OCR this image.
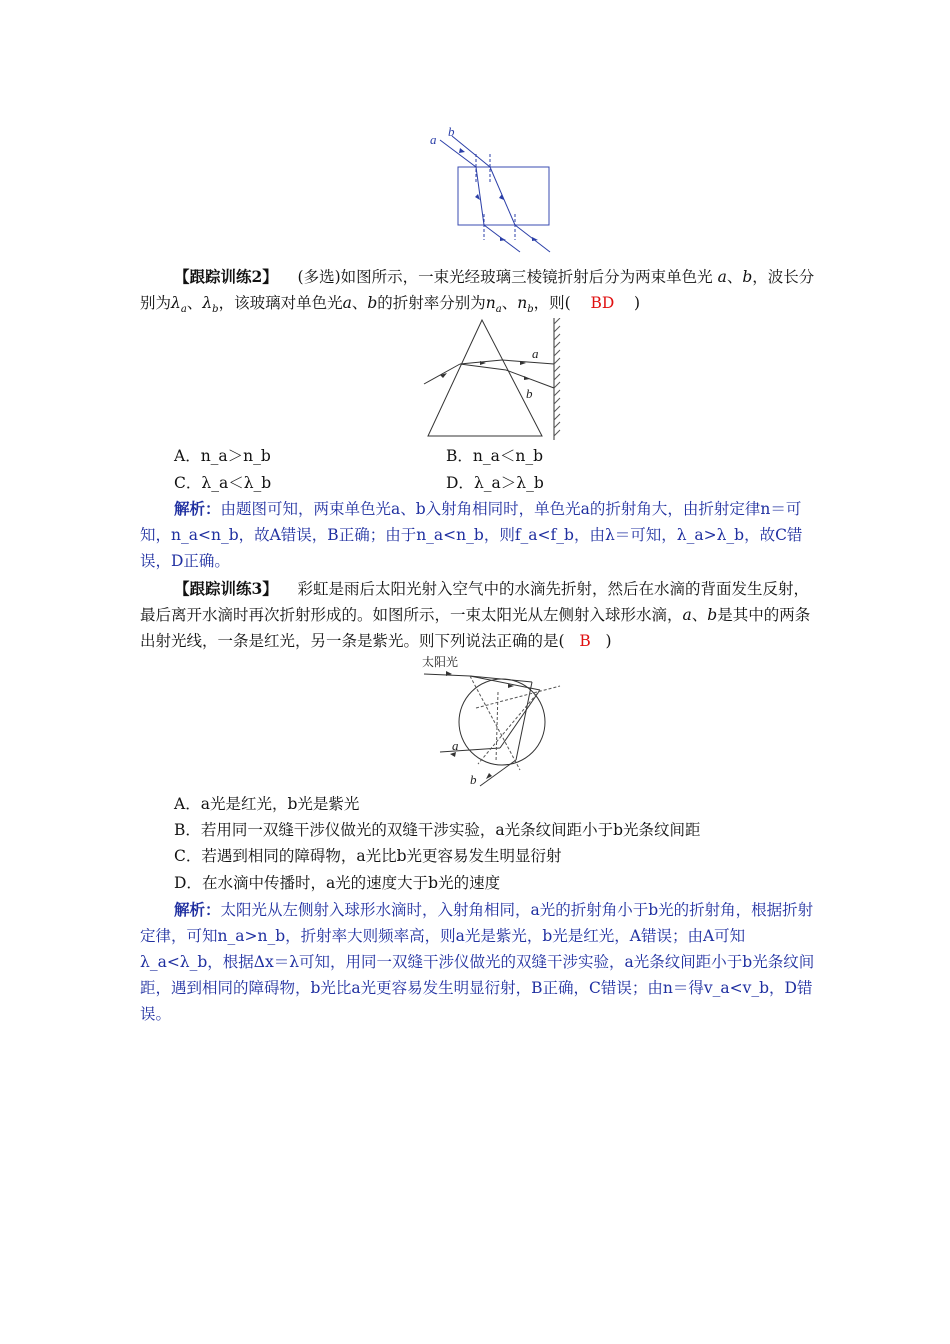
a
b

【跟踪训练2】 (多选)如图所示，一束光经玻璃三棱镜折射后分为两束单色光 a、b，波长分别为$\lambda_a$、$\lambda_b$，该玻璃对单色光a、b的折射率分别为$n_a$、$n_b$，则( BD )

a
b
A．n_a＞n_b	B．n_a＜n_b
C．λ_a＜λ_b	D．λ_a＞λ_b

解析：由题图可知，两束单色光a、b入射角相同时，单色光a的折射角大，由折射定律n＝可知，n_a<n_b，故A错误，B正确；由于n_a<n_b，则f_a<f_b，由λ＝可知，λ_a>λ_b，故C错误，D正确。

【跟踪训练3】 彩虹是雨后太阳光射入空气中的水滴先折射，然后在水滴的背面发生反射，最后离开水滴时再次折射形成的。如图所示，一束太阳光从左侧射入球形水滴，a、b是其中的两条出射光线，一条是红光，另一条是紫光。则下列说法正确的是( B )

太阳光
a
b
A．a光是红光，b光是紫光
B．若用同一双缝干涉仪做光的双缝干涉实验，a光条纹间距小于b光条纹间距
C．若遇到相同的障碍物，a光比b光更容易发生明显衍射
D．在水滴中传播时，a光的速度大于b光的速度

解析：太阳光从左侧射入球形水滴时，入射角相同，a光的折射角小于b光的折射角，根据折射定律，可知n_a>n_b，折射率大则频率高，则a光是紫光，b光是红光，A错误；由A可知λ_a<λ_b，根据Δx＝λ可知，用同一双缝干涉仪做光的双缝干涉实验，a光条纹间距小于b光条纹间距，遇到相同的障碍物，b光比a光更容易发生明显衍射，B正确，C错误；由n＝得v_a<v_b，D错误。
